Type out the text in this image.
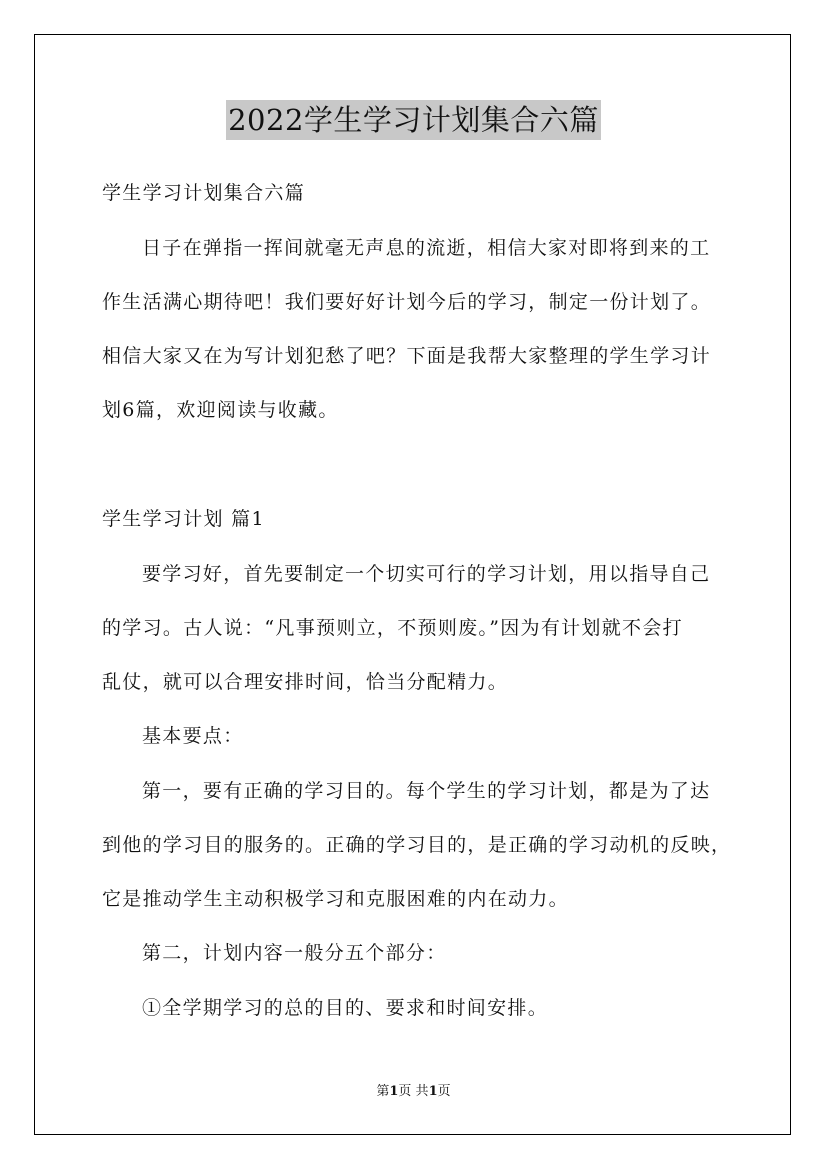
2022学生学习计划集合六篇
学生学习计划集合六篇
日子在弹指一挥间就毫无声息的流逝，相信大家对即将到来的工
作生活满心期待吧！我们要好好计划今后的学习，制定一份计划了。
相信大家又在为写计划犯愁了吧？下面是我帮大家整理的学生学习计
划6篇，欢迎阅读与收藏。
学生学习计划 篇1
要学习好，首先要制定一个切实可行的学习计划，用以指导自己
的学习。古人说：“凡事预则立，不预则废。”因为有计划就不会打
乱仗，就可以合理安排时间，恰当分配精力。
基本要点：
第一，要有正确的学习目的。每个学生的学习计划，都是为了达
到他的学习目的服务的。正确的学习目的，是正确的学习动机的反映，
它是推动学生主动积极学习和克服困难的内在动力。
第二，计划内容一般分五个部分：
①全学期学习的总的目的、要求和时间安排。
第1页 共1页
